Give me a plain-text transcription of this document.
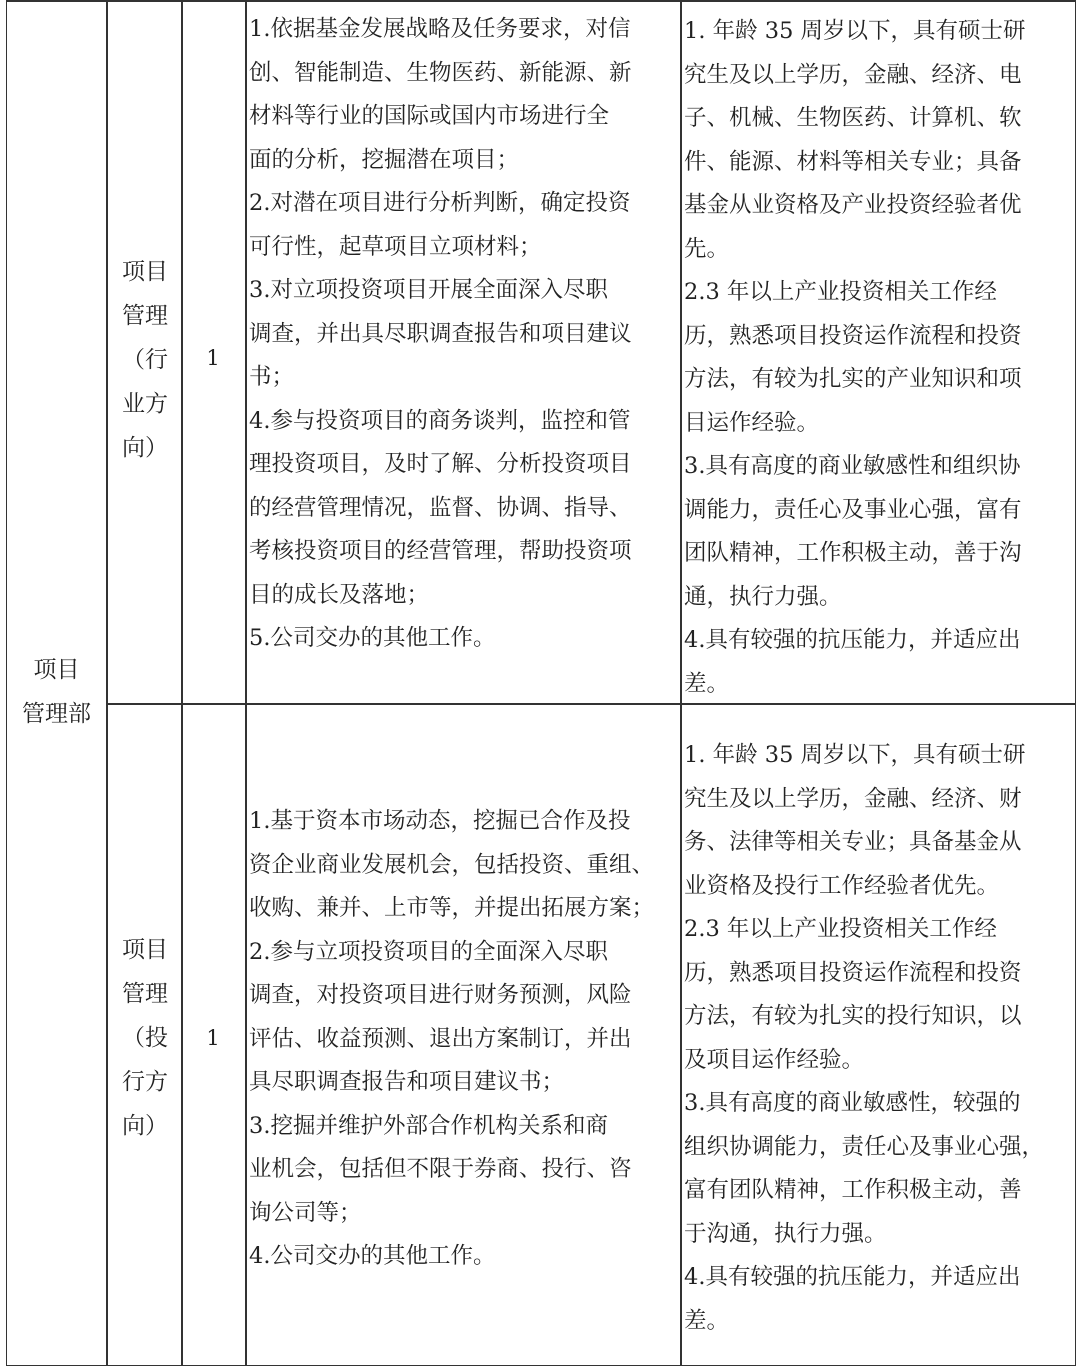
项目
管理部
项目
管理
（行
业方
向）
1
1.依据基金发展战略及任务要求，对信
创、智能制造、生物医药、新能源、新
材料等行业的国际或国内市场进行全
面的分析，挖掘潜在项目；
2.对潜在项目进行分析判断，确定投资
可行性，起草项目立项材料；
3.对立项投资项目开展全面深入尽职
调查，并出具尽职调查报告和项目建议
书；
4.参与投资项目的商务谈判，监控和管
理投资项目，及时了解、分析投资项目
的经营管理情况，监督、协调、指导、
考核投资项目的经营管理，帮助投资项
目的成长及落地；
5.公司交办的其他工作。
1. 年龄 35 周岁以下，具有硕士研
究生及以上学历，金融、经济、电
子、机械、生物医药、计算机、软
件、能源、材料等相关专业；具备
基金从业资格及产业投资经验者优
先。
2.3 年以上产业投资相关工作经
历，熟悉项目投资运作流程和投资
方法，有较为扎实的产业知识和项
目运作经验。
3.具有高度的商业敏感性和组织协
调能力，责任心及事业心强，富有
团队精神，工作积极主动，善于沟
通，执行力强。
4.具有较强的抗压能力，并适应出
差。
项目
管理
（投
行方
向）
1
1.基于资本市场动态，挖掘已合作及投
资企业商业发展机会，包括投资、重组、
收购、兼并、上市等，并提出拓展方案；
2.参与立项投资项目的全面深入尽职
调查，对投资项目进行财务预测，风险
评估、收益预测、退出方案制订，并出
具尽职调查报告和项目建议书；
3.挖掘并维护外部合作机构关系和商
业机会，包括但不限于券商、投行、咨
询公司等；
4.公司交办的其他工作。
1. 年龄 35 周岁以下，具有硕士研
究生及以上学历，金融、经济、财
务、法律等相关专业；具备基金从
业资格及投行工作经验者优先。
2.3 年以上产业投资相关工作经
历，熟悉项目投资运作流程和投资
方法，有较为扎实的投行知识，以
及项目运作经验。
3.具有高度的商业敏感性，较强的
组织协调能力，责任心及事业心强，
富有团队精神，工作积极主动，善
于沟通，执行力强。
4.具有较强的抗压能力，并适应出
差。
